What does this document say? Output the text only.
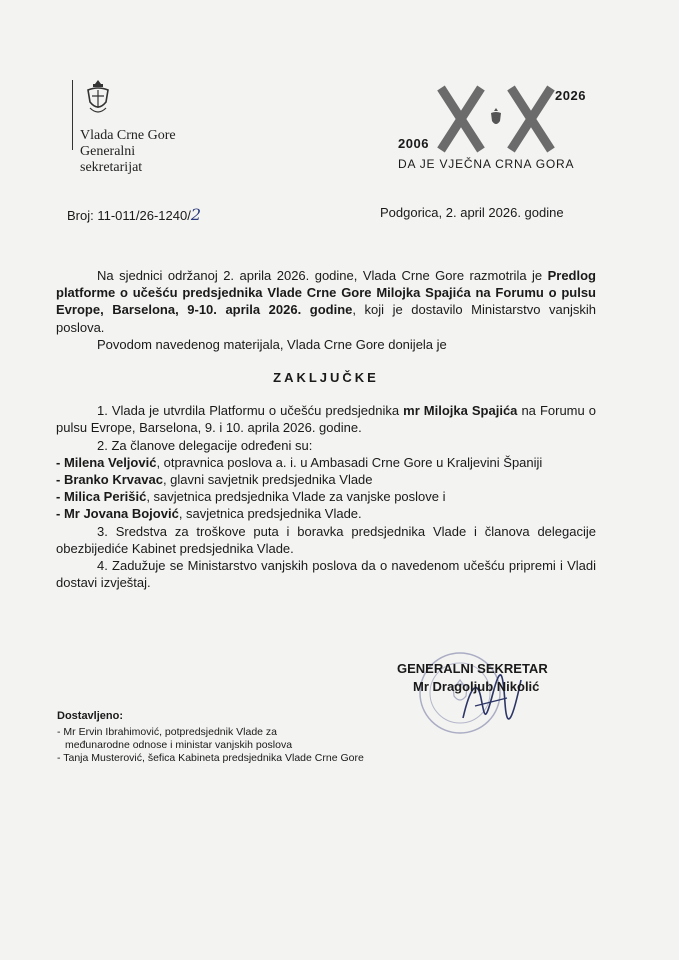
Vlada Crne Gore
Generalni
sekretarijat
2026
2006
DA JE VJEČNA CRNA GORA
Broj: 11-011/26-1240/2	Podgorica, 2. april 2026. godine

Na sjednici održanoj 2. aprila 2026. godine, Vlada Crne Gore razmotrila je Predlog platforme o učešću predsjednika Vlade Crne Gore Milojka Spajića na Forumu o pulsu Evrope, Barselona, 9-10. aprila 2026. godine, koji je dostavilo Ministarstvo vanjskih poslova.

Povodom navedenog materijala, Vlada Crne Gore donijela je

ZAKLJUČKE

1. Vlada je utvrdila Platformu o učešću predsjednika mr Milojka Spajića na Forumu o pulsu Evrope, Barselona, 9. i 10. aprila 2026. godine.

2. Za članove delegacije određeni su:

- Milena Veljović, otpravnica poslova a. i. u Ambasadi Crne Gore u Kraljevini Španiji

- Branko Krvavac, glavni savjetnik predsjednika Vlade

- Milica Perišić, savjetnica predsjednika Vlade za vanjske poslove i

- Mr Jovana Bojović, savjetnica predsjednika Vlade.

3. Sredstva za troškove puta i boravka predsjednika Vlade i članova delegacije obezbijediće Kabinet predsjednika Vlade.

4. Zadužuje se Ministarstvo vanjskih poslova da o navedenom učešću pripremi i Vladi dostavi izvještaj.

GENERALNI SEKRETAR
Mr Dragoljub Nikolić
Dostavljeno:
- Mr Ervin Ibrahimović, potpredsjednik Vlade za
međunarodne odnose i ministar vanjskih poslova
- Tanja Musterović, šefica Kabineta predsjednika Vlade Crne Gore
